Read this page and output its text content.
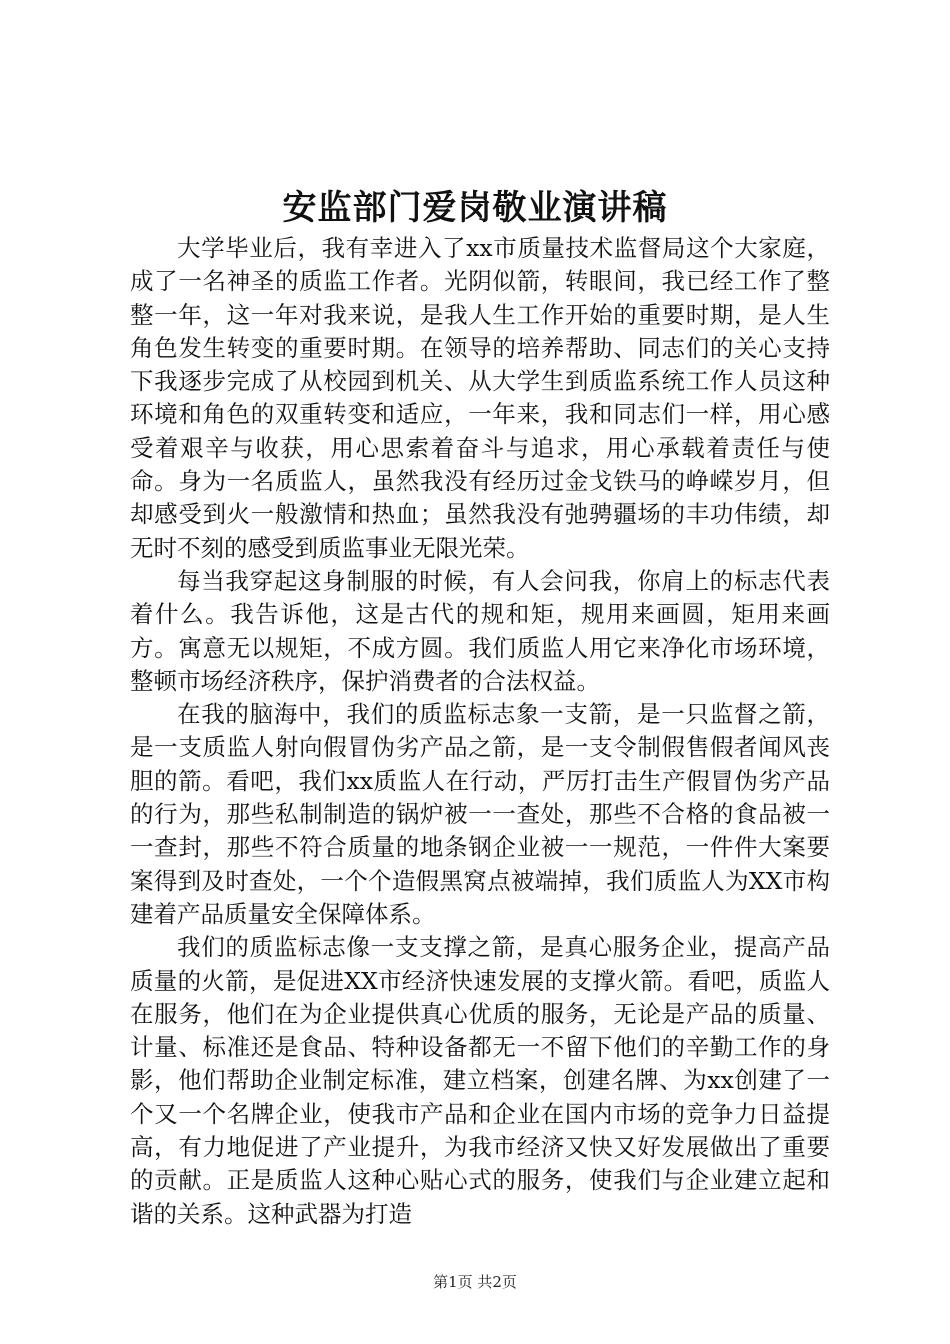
安监部门爱岗敬业演讲稿

大学毕业后，我有幸进入了xx市质量技术监督局这个大家庭，成了一名神圣的质监工作者。光阴似箭，转眼间，我已经工作了整整一年，这一年对我来说，是我人生工作开始的重要时期，是人生角色发生转变的重要时期。在领导的培养帮助、同志们的关心支持下我逐步完成了从校园到机关、从大学生到质监系统工作人员这种环境和角色的双重转变和适应，一年来，我和同志们一样，用心感受着艰辛与收获，用心思索着奋斗与追求，用心承载着责任与使命。身为一名质监人，虽然我没有经历过金戈铁马的峥嵘岁月，但却感受到火一般激情和热血；虽然我没有弛骋疆场的丰功伟绩，却无时不刻的感受到质监事业无限光荣。

每当我穿起这身制服的时候，有人会问我，你肩上的标志代表着什么。我告诉他，这是古代的规和矩，规用来画圆，矩用来画方。寓意无以规矩，不成方圆。我们质监人用它来净化市场环境，整顿市场经济秩序，保护消费者的合法权益。

在我的脑海中，我们的质监标志象一支箭，是一只监督之箭，是一支质监人射向假冒伪劣产品之箭，是一支令制假售假者闻风丧胆的箭。看吧，我们xx质监人在行动，严厉打击生产假冒伪劣产品的行为，那些私制制造的锅炉被一一查处，那些不合格的食品被一一查封，那些不符合质量的地条钢企业被一一规范，一件件大案要案得到及时查处，一个个造假黑窝点被端掉，我们质监人为XX市构建着产品质量安全保障体系。

我们的质监标志像一支支撑之箭，是真心服务企业，提高产品质量的火箭，是促进XX市经济快速发展的支撑火箭。看吧，质监人在服务，他们在为企业提供真心优质的服务，无论是产品的质量、计量、标准还是食品、特种设备都无一不留下他们的辛勤工作的身影，他们帮助企业制定标准，建立档案，创建名牌、为xx创建了一个又一个名牌企业，使我市产品和企业在国内市场的竞争力日益提高，有力地促进了产业提升，为我市经济又快又好发展做出了重要的贡献。正是质监人这种心贴心式的服务，使我们与企业建立起和谐的关系。这种武器为打造

第1页 共2页
